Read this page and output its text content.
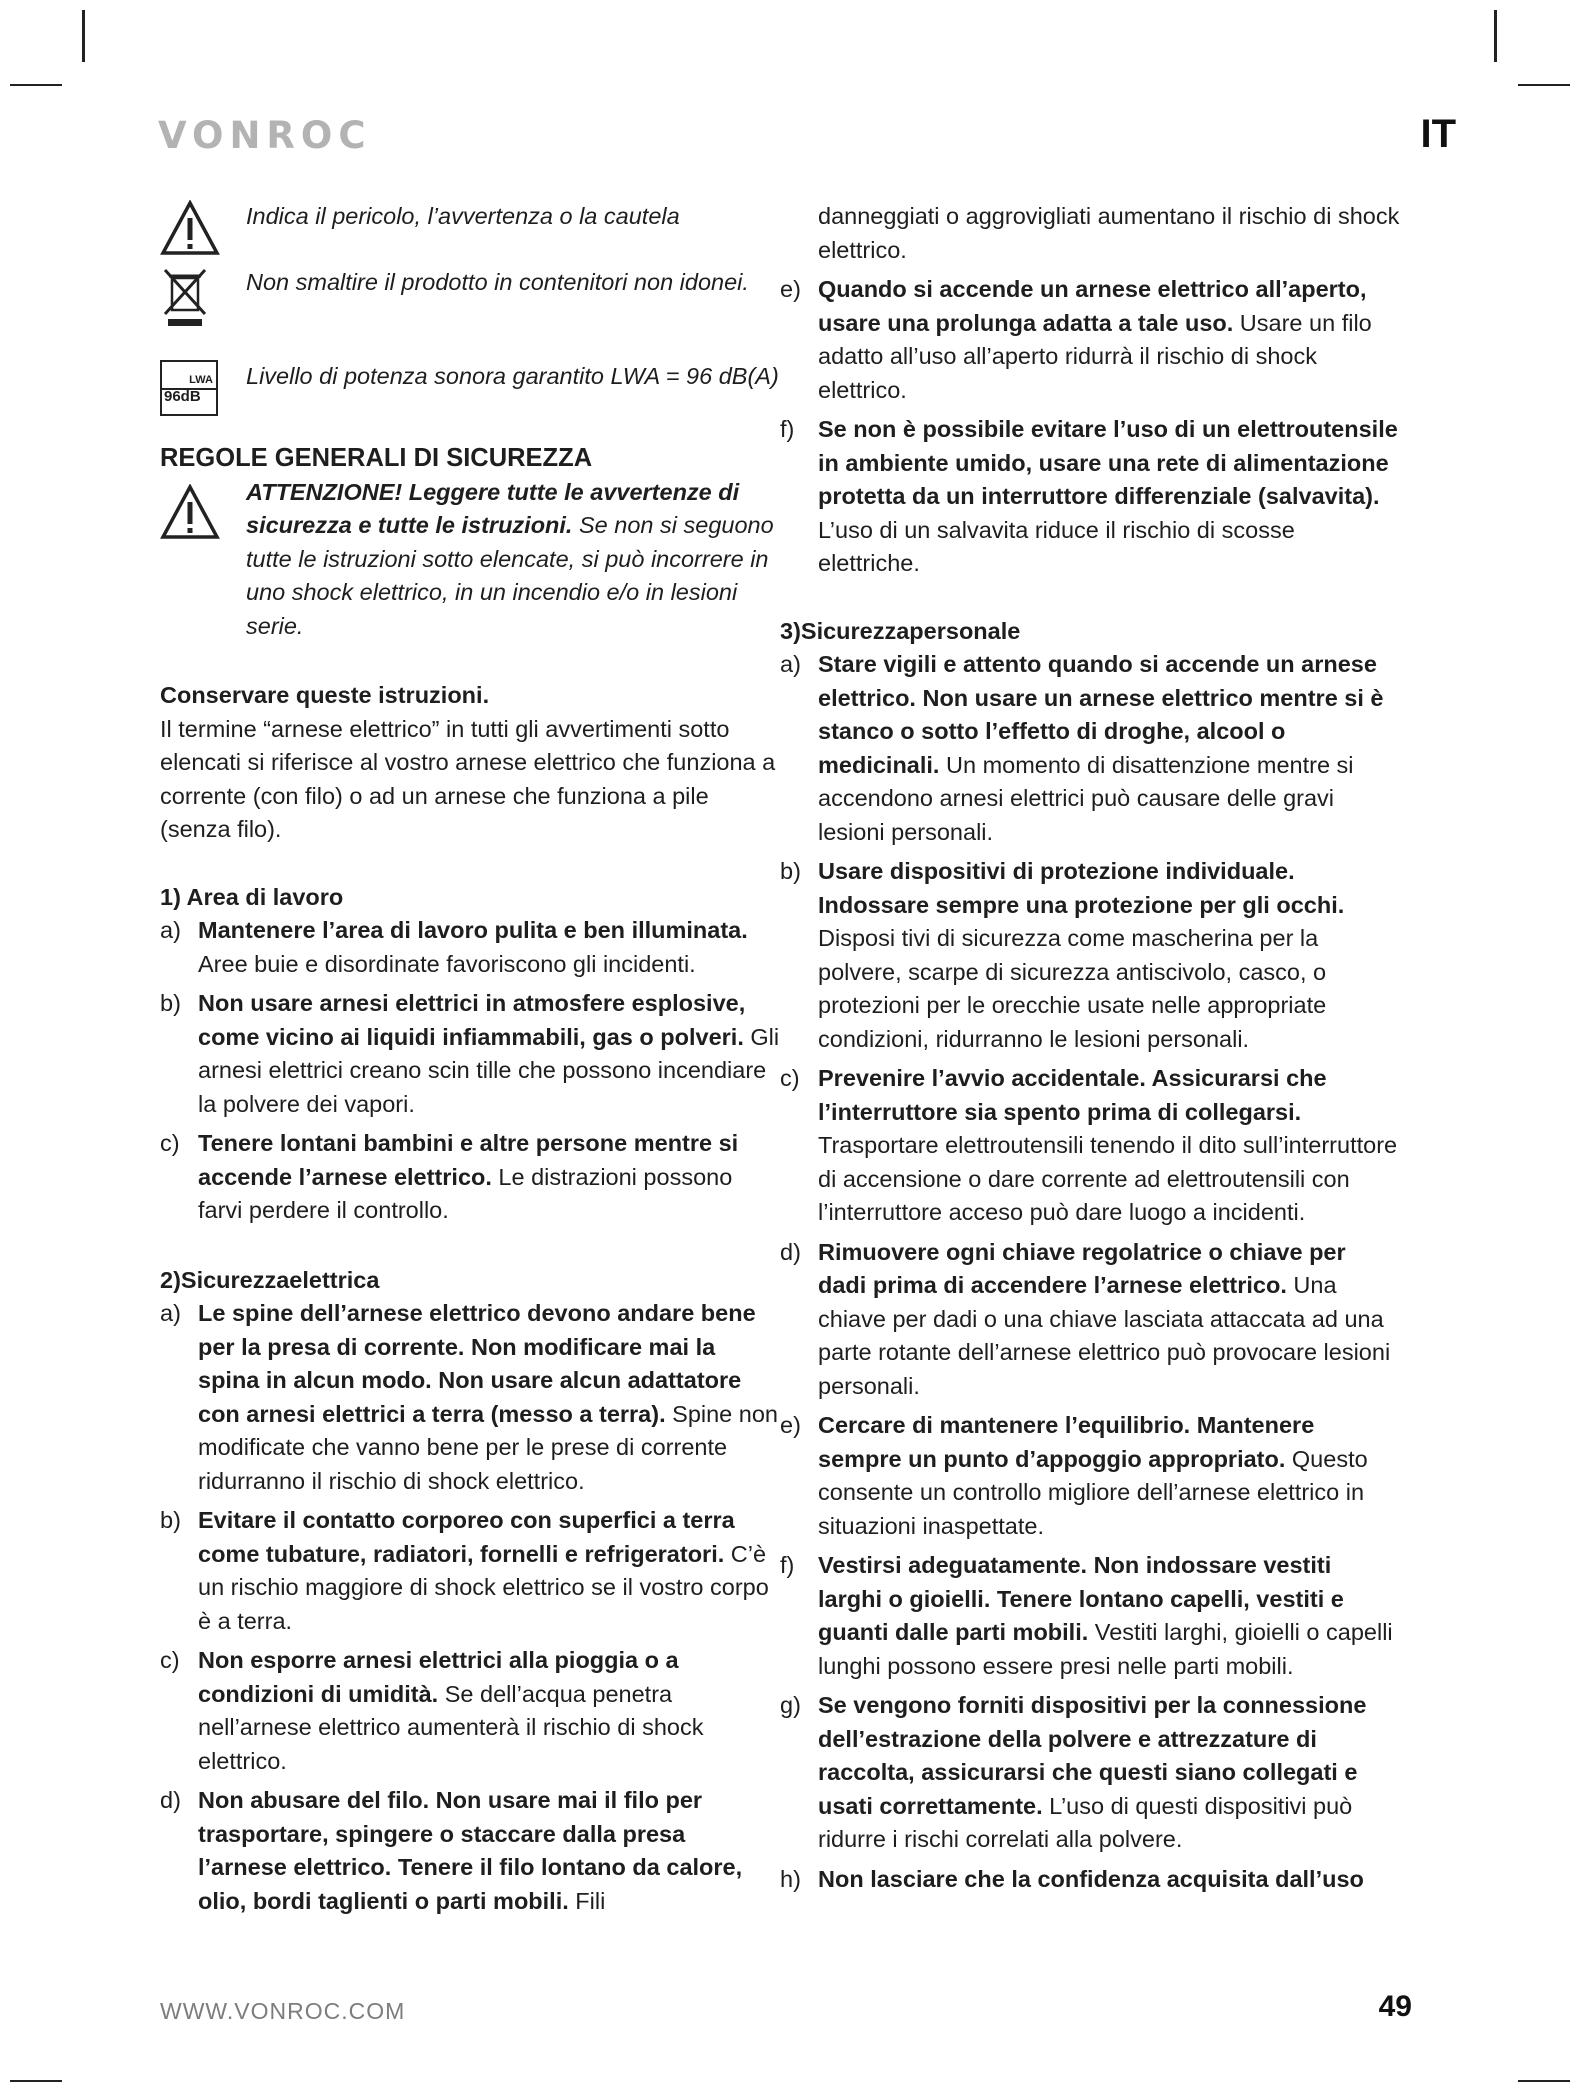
VONROC	IT
Indica il pericolo, l’avvertenza o la cautela
Non smaltire il prodotto in contenitori non idonei.
LWA
96dB
Livello di potenza sonora garantito LWA = 96 dB(A)
REGOLE GENERALI DI SICUREZZA
ATTENZIONE! Leggere tutte le avvertenze di sicurezza e tutte le istruzioni. Se non si seguono tutte le istruzioni sotto elencate, si può incorrere in uno shock elettrico, in un incendio e/o in lesioni serie.
Conservare queste istruzioni.
Il termine “arnese elettrico” in tutti gli avvertimenti sotto elencati si riferisce al vostro arnese elettrico che funziona a corrente (con filo) o ad un arnese che funziona a pile (senza filo).
1) Area di lavoro
a) Mantenere l’area di lavoro pulita e ben illuminata. Aree buie e disordinate favoriscono gli incidenti.
b) Non usare arnesi elettrici in atmosfere esplosive, come vicino ai liquidi infiammabili, gas o polveri. Gli arnesi elettrici creano scin tille che possono incendiare la polvere dei vapori.
c) Tenere lontani bambini e altre persone mentre si accende l’arnese elettrico. Le distrazioni possono farvi perdere il controllo.
2)Sicurezzaelettrica
a) Le spine dell’arnese elettrico devono andare bene per la presa di corrente. Non modificare mai la spina in alcun modo. Non usare alcun adattatore con arnesi elettrici a terra (messo a terra). Spine non modificate che vanno bene per le prese di corrente ridurranno il rischio di shock elettrico.
b) Evitare il contatto corporeo con superfici a terra come tubature, radiatori, fornelli e refrigeratori. C’è un rischio maggiore di shock elettrico se il vostro corpo è a terra.
c) Non esporre arnesi elettrici alla pioggia o a condizioni di umidità. Se dell’acqua penetra nell’arnese elettrico aumenterà il rischio di shock elettrico.
d) Non abusare del filo. Non usare mai il filo per trasportare, spingere o staccare dalla presa l’arnese elettrico. Tenere il filo lontano da calore, olio, bordi taglienti o parti mobili. Fili
danneggiati o aggrovigliati aumentano il rischio di shock elettrico.
e) Quando si accende un arnese elettrico all’aperto, usare una prolunga adatta a tale uso. Usare un filo adatto all’uso all’aperto ridurrà il rischio di shock elettrico.
f)	Se non è possibile evitare l’uso di un elettroutensile in ambiente umido, usare una rete di alimentazione protetta da un interruttore differenziale (salvavita). L’uso di un salvavita riduce il rischio di scosse elettriche.
3)Sicurezzapersonale
a) Stare vigili e attento quando si accende un arnese elettrico. Non usare un arnese elettrico mentre si è stanco o sotto l’effetto di droghe, alcool o medicinali. Un momento di disattenzione mentre si accendono arnesi elettrici può causare delle gravi lesioni personali.
b) Usare dispositivi di protezione individuale. Indossare sempre una protezione per gli occhi. Disposi tivi di sicurezza come mascherina per la polvere, scarpe di sicurezza antiscivolo, casco, o protezioni per le orecchie usate nelle appropriate condizioni, ridurranno le lesioni personali.
c) Prevenire l’avvio accidentale. Assicurarsi che l’interruttore sia spento prima di collegarsi. Trasportare elettroutensili tenendo il dito sull’interruttore di accensione o dare corrente ad elettroutensili con l’interruttore acceso può dare luogo a incidenti.
d) Rimuovere ogni chiave regolatrice o chiave per dadi prima di accendere l’arnese elettrico. Una chiave per dadi o una chiave lasciata attaccata ad una parte rotante dell’arnese elettrico può provocare lesioni personali.
e) Cercare di mantenere l’equilibrio. Mantenere sempre un punto d’appoggio appropriato. Questo consente un controllo migliore dell’arnese elettrico in situazioni inaspettate.
f)	Vestirsi adeguatamente. Non indossare vestiti larghi o gioielli. Tenere lontano capelli, vestiti e guanti dalle parti mobili. Vestiti larghi, gioielli o capelli lunghi possono essere presi nelle parti mobili.
g) Se vengono forniti dispositivi per la connessione dell’estrazione della polvere e attrezzature di raccolta, assicurarsi che questi siano collegati e usati correttamente. L’uso di questi dispositivi può ridurre i rischi correlati alla polvere.
h) Non lasciare che la confidenza acquisita dall’uso
WWW.VONROC.COM	49
